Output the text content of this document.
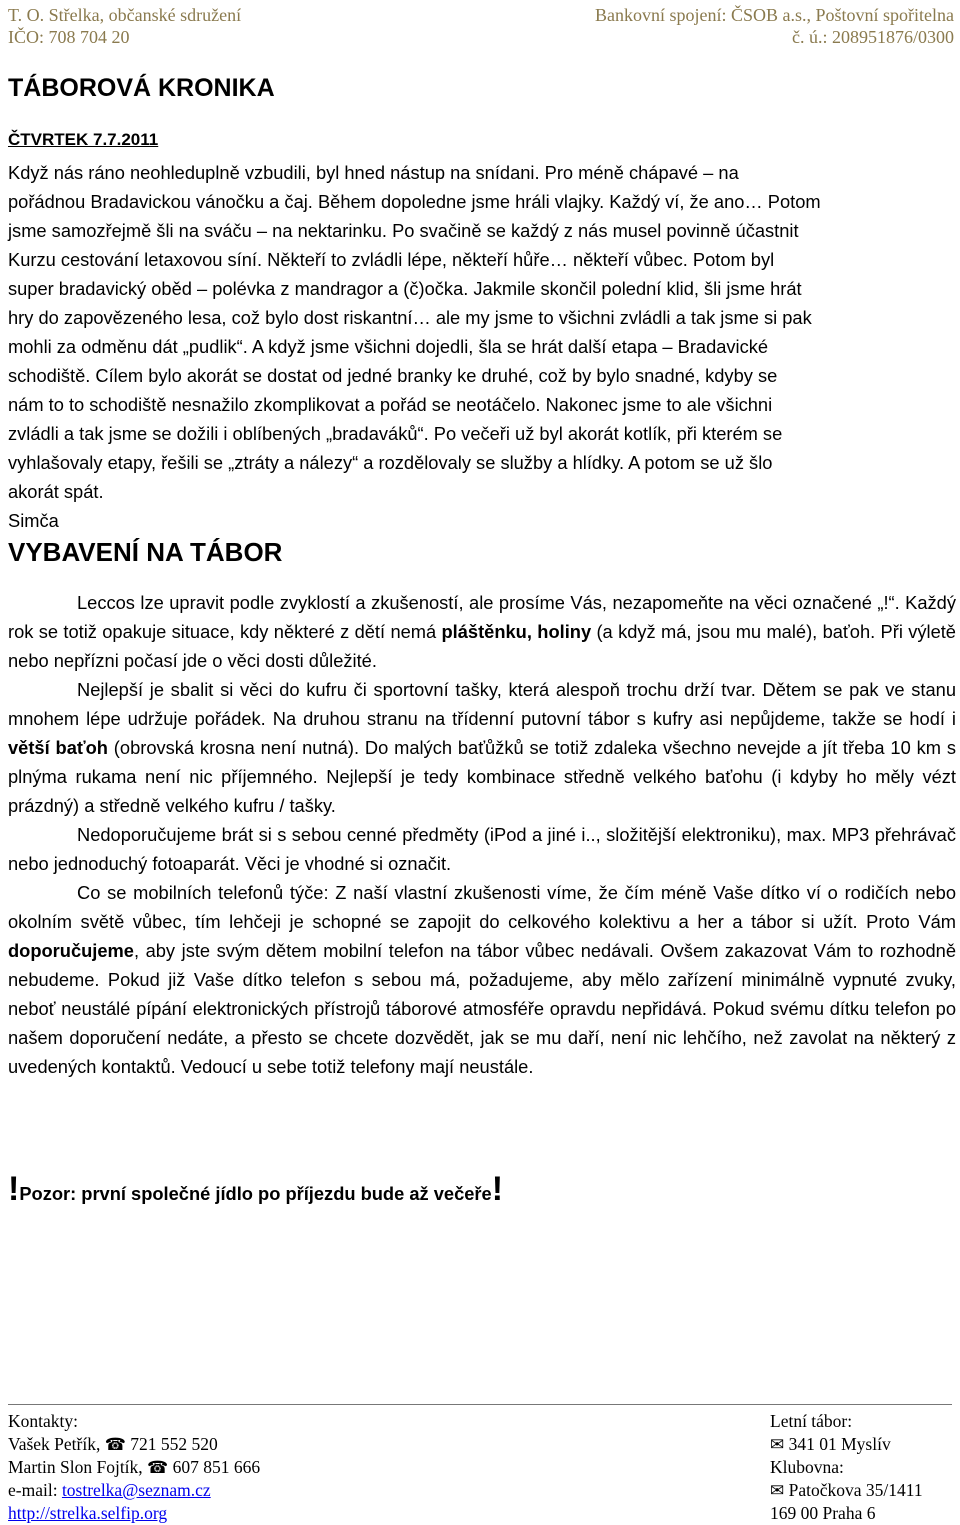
T. O. Střelka, občanské sdružení
IČO: 708 704 20
Bankovní spojení: ČSOB a.s., Poštovní spořitelna
č. ú.: 208951876/0300
TÁBOROVÁ KRONIKA
ČTVRTEK 7.7.2011

Když nás ráno neohleduplně vzbudili, byl hned nástup na snídani. Pro méně chápavé – na

pořádnou Bradavickou vánočku a čaj. Během dopoledne jsme hráli vlajky. Každý ví, že ano… Potom

jsme samozřejmě šli na sváču – na nektarinku. Po svačině se každý z nás musel povinně účastnit

Kurzu cestování letaxovou síní. Někteří to zvládli lépe, někteří hůře… někteří vůbec. Potom byl

super bradavický oběd – polévka z mandragor a (č)očka. Jakmile skončil polední klid, šli jsme hrát

hry do zapovězeného lesa, což bylo dost riskantní… ale my jsme to všichni zvládli a tak jsme si pak

mohli za odměnu dát „pudlik“. A když jsme všichni dojedli, šla se hrát další etapa – Bradavické

schodiště. Cílem bylo akorát se dostat od jedné branky ke druhé, což by bylo snadné, kdyby se

nám to to schodiště nesnažilo zkomplikovat a pořád se neotáčelo. Nakonec jsme to ale všichni

zvládli a tak jsme se dožili i oblíbených „bradaváků“. Po večeři už byl akorát kotlík, při kterém se

vyhlašovaly etapy, řešili se „ztráty a nálezy“ a rozdělovaly se služby a hlídky. A potom se už šlo

akorát spát.

Simča

VYBAVENÍ NA TÁBOR

Leccos lze upravit podle zvyklostí a zkušeností, ale prosíme Vás, nezapomeňte na věci označené „!“. Každý rok se totiž opakuje situace, kdy některé z dětí nemá pláštěnku, holiny (a když má, jsou mu malé), baťoh. Při výletě nebo nepřízni počasí jde o věci dosti důležité.

Nejlepší je sbalit si věci do kufru či sportovní tašky, která alespoň trochu drží tvar. Dětem se pak ve stanu mnohem lépe udržuje pořádek. Na druhou stranu na třídenní putovní tábor s kufry asi nepůjdeme, takže se hodí i větší baťoh (obrovská krosna není nutná). Do malých baťůžků se totiž zdaleka všechno nevejde a jít třeba 10 km s plnýma rukama není nic příjemného. Nejlepší je tedy kombinace středně velkého baťohu (i kdyby ho měly vézt prázdný) a středně velkého kufru / tašky.

Nedoporučujeme brát si s sebou cenné předměty (iPod a jiné i.., složitější elektroniku), max. MP3 přehrávač nebo jednoduchý fotoaparát. Věci je vhodné si označit.

Co se mobilních telefonů týče: Z naší vlastní zkušenosti víme, že čím méně Vaše dítko ví o rodičích nebo okolním světě vůbec, tím lehčeji je schopné se zapojit do celkového kolektivu a her a tábor si užít. Proto Vám doporučujeme, aby jste svým dětem mobilní telefon na tábor vůbec nedávali. Ovšem zakazovat Vám to rozhodně nebudeme. Pokud již Vaše dítko telefon s sebou má, požadujeme, aby mělo zařízení minimálně vypnuté zvuky, neboť neustálé pípání elektronických přístrojů táborové atmosféře opravdu nepřidává. Pokud svému dítku telefon po našem doporučení nedáte, a přesto se chcete dozvědět, jak se mu daří, není nic lehčího, než zavolat na některý z uvedených kontaktů. Vedoucí u sebe totiž telefony mají neustále.

!Pozor: první společné jídlo po příjezdu bude až večeře!
Kontakty:
Vašek Petřík, ☎ 721 552 520
Martin Slon Fojtík, ☎ 607 851 666
e-mail: tostrelka@seznam.cz
http://strelka.selfip.org
Letní tábor:
✉ 341 01 Myslív
Klubovna:
✉ Patočkova 35/1411
169 00 Praha 6
